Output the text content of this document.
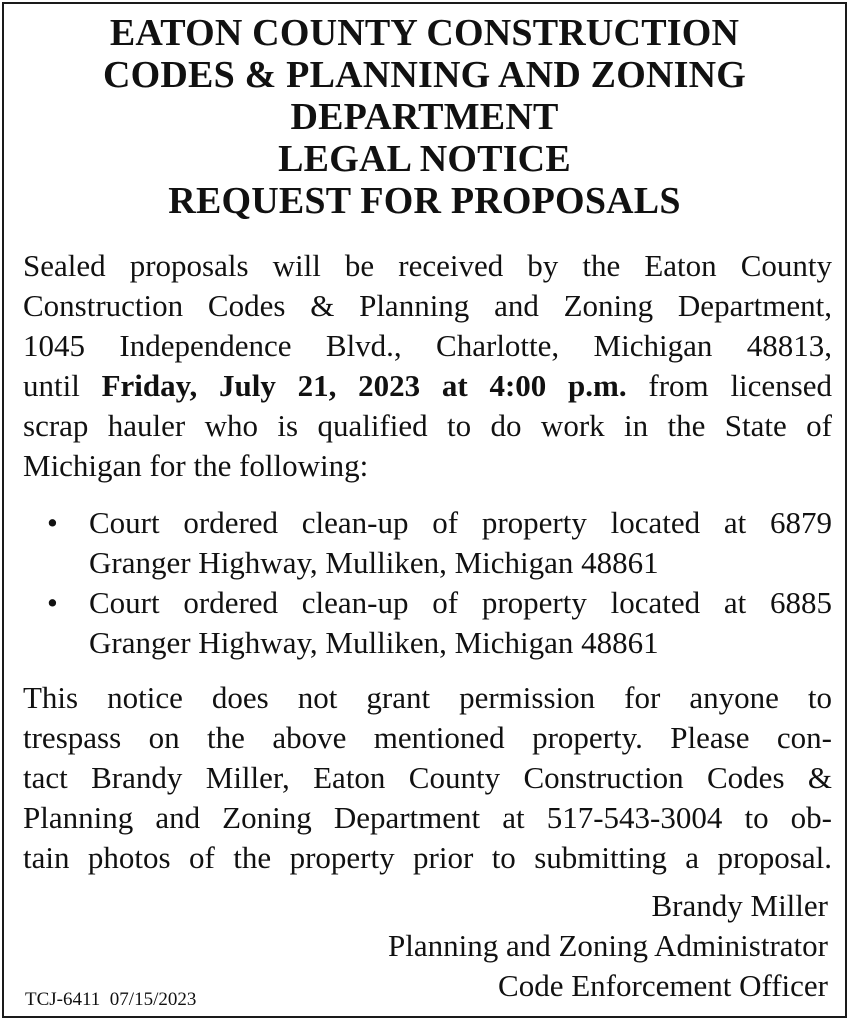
EATON COUNTY CONSTRUCTION
CODES & PLANNING AND ZONING
DEPARTMENT
LEGAL NOTICE
REQUEST FOR PROPOSALS
Sealed proposals will be received by the Eaton County
Construction Codes & Planning and Zoning Department,
1045 Independence Blvd., Charlotte, Michigan 48813,
until Friday, July 21, 2023 at 4:00 p.m. from licensed
scrap hauler who is qualified to do work in the State of
Michigan for the following:
• Court ordered clean-up of property located at 6879
Granger Highway, Mulliken, Michigan 48861
• Court ordered clean-up of property located at 6885
Granger Highway, Mulliken, Michigan 48861
This notice does not grant permission for anyone to
trespass on the above mentioned property. Please con-
tact Brandy Miller, Eaton County Construction Codes &
Planning and Zoning Department at 517-543-3004 to ob-
tain photos of the property prior to submitting a proposal.
Brandy Miller
Planning and Zoning Administrator
Code Enforcement Officer
TCJ-6411 07/15/2023
